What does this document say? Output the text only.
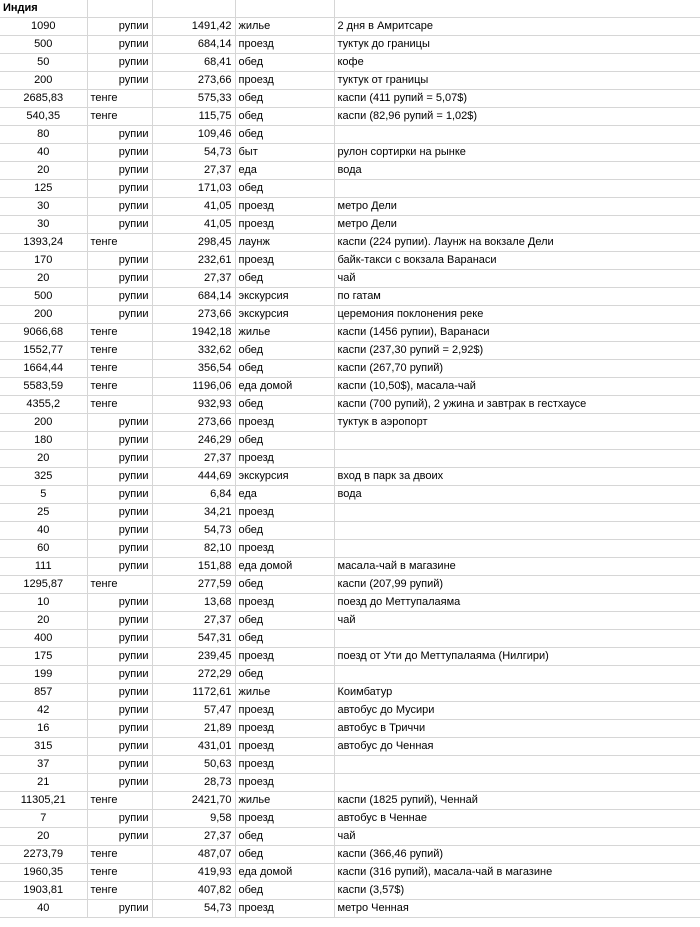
Индия				
1090	рупии	1491,42	жилье	2 дня в Амритсаре
500	рупии	684,14	проезд	туктук до границы
50	рупии	68,41	обед	кофе
200	рупии	273,66	проезд	туктук от границы
2685,83	тенге	575,33	обед	каспи (411 рупий = 5,07$)
540,35	тенге	115,75	обед	каспи (82,96 рупий = 1,02$)
80	рупии	109,46	обед	
40	рупии	54,73	быт	рулон сортирки на рынке
20	рупии	27,37	еда	вода
125	рупии	171,03	обед	
30	рупии	41,05	проезд	метро Дели
30	рупии	41,05	проезд	метро Дели
1393,24	тенге	298,45	лаунж	каспи (224 рупии). Лаунж на вокзале Дели
170	рупии	232,61	проезд	байк-такси с вокзала Варанаси
20	рупии	27,37	обед	чай
500	рупии	684,14	экскурсия	по гатам
200	рупии	273,66	экскурсия	церемония поклонения реке
9066,68	тенге	1942,18	жилье	каспи (1456 рупии), Варанаси
1552,77	тенге	332,62	обед	каспи (237,30 рупий = 2,92$)
1664,44	тенге	356,54	обед	каспи (267,70 рупий)
5583,59	тенге	1196,06	еда домой	каспи (10,50$), масала-чай
4355,2	тенге	932,93	обед	каспи (700 рупий), 2 ужина и завтрак в гестхаусе
200	рупии	273,66	проезд	туктук в аэропорт
180	рупии	246,29	обед	
20	рупии	27,37	проезд	
325	рупии	444,69	экскурсия	вход в парк за двоих
5	рупии	6,84	еда	вода
25	рупии	34,21	проезд	
40	рупии	54,73	обед	
60	рупии	82,10	проезд	
111	рупии	151,88	еда домой	масала-чай в магазине
1295,87	тенге	277,59	обед	каспи (207,99 рупий)
10	рупии	13,68	проезд	поезд до Меттупалаяма
20	рупии	27,37	обед	чай
400	рупии	547,31	обед	
175	рупии	239,45	проезд	поезд от Ути до Меттупалаяма (Нилгири)
199	рупии	272,29	обед	
857	рупии	1172,61	жилье	Коимбатур
42	рупии	57,47	проезд	автобус до Мусири
16	рупии	21,89	проезд	автобус в Триччи
315	рупии	431,01	проезд	автобус до Ченная
37	рупии	50,63	проезд	
21	рупии	28,73	проезд	
11305,21	тенге	2421,70	жилье	каспи (1825 рупий), Ченнай
7	рупии	9,58	проезд	автобус в Ченнае
20	рупии	27,37	обед	чай
2273,79	тенге	487,07	обед	каспи (366,46 рупий)
1960,35	тенге	419,93	еда домой	каспи (316 рупий), масала-чай в магазине
1903,81	тенге	407,82	обед	каспи (3,57$)
40	рупии	54,73	проезд	метро Ченная
